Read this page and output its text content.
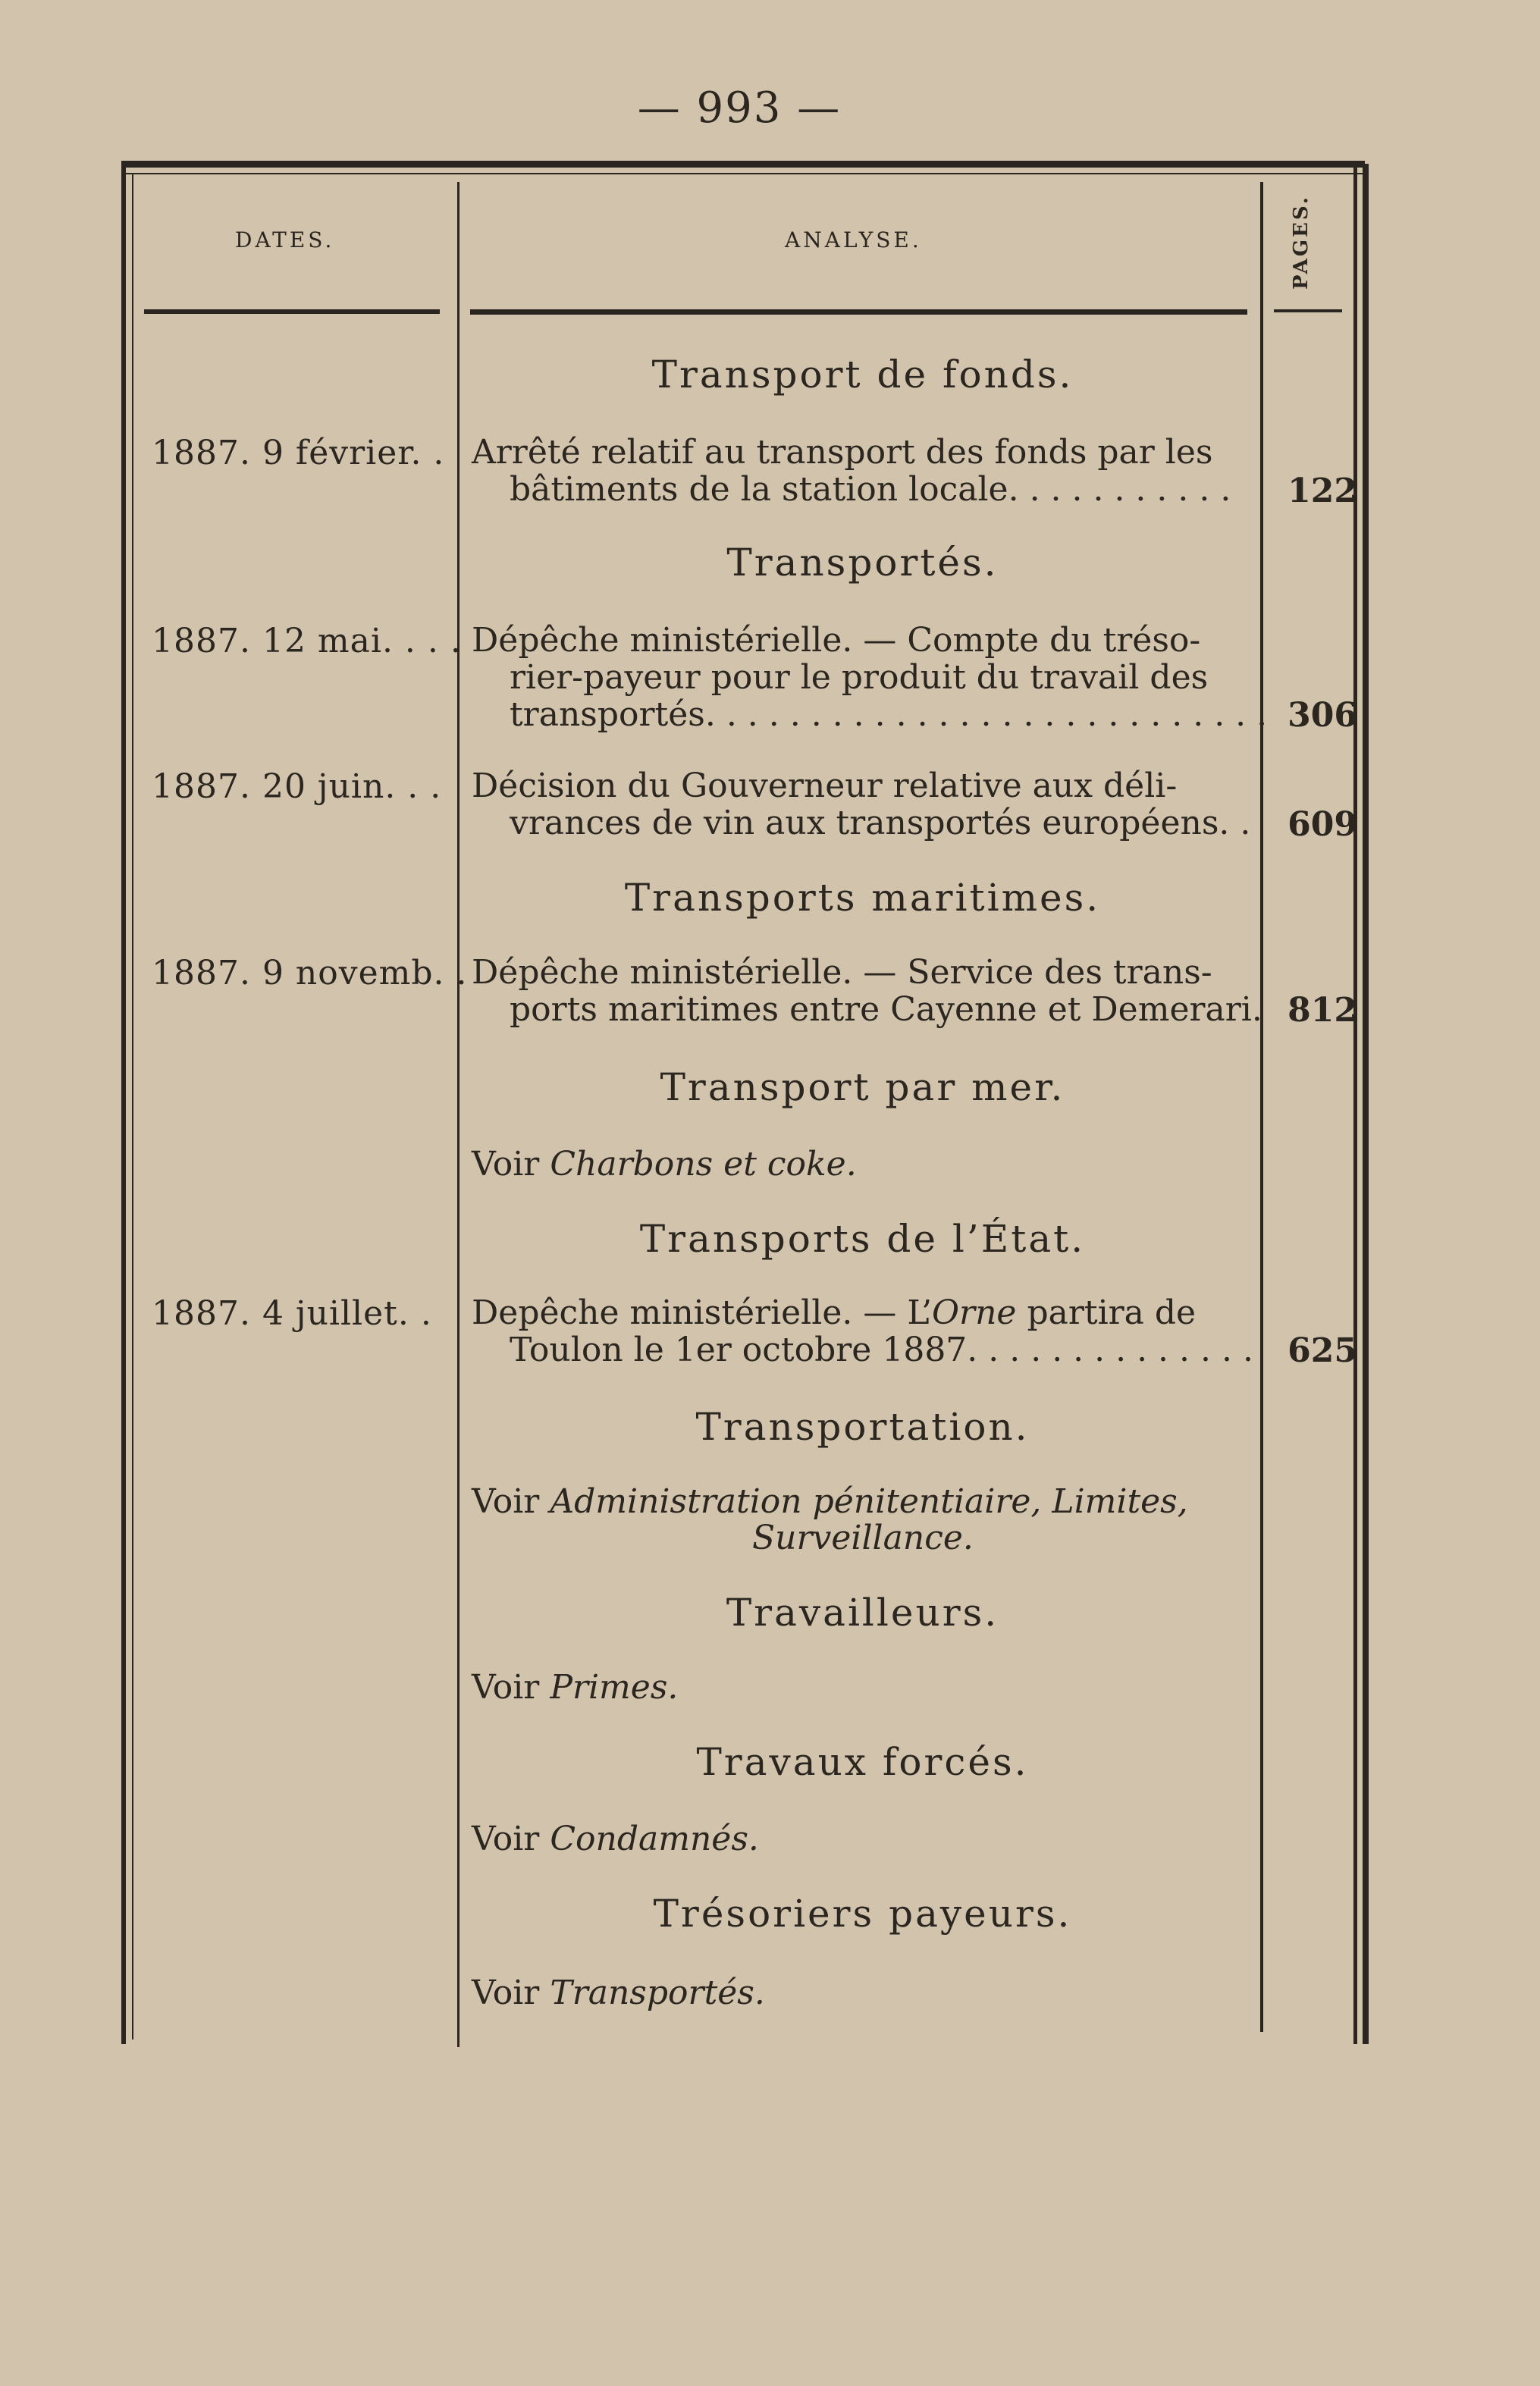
— 993 —
DATES.	ANALYSE.	PAGES.
Transport de fonds.
1887. 9 février. . Arrêté relatif au transport des fonds par les
bâtiments de la station locale. . . . . . . . . . .	122
Transportés.
1887. 12 mai. . . . Dépêche ministérielle. — Compte du tréso-
rier-payeur pour le produit du travail des
transportés. . . . . . . . . . . . . . . . . . . . . . . . . . . 306
1887. 20 juin. . . Décision du Gouverneur relative aux déli-
vrances de vin aux transportés européens. . 609
Transports maritimes.
1887. 9 novemb. . Dépêche ministérielle. — Service des trans-
ports maritimes entre Cayenne et Demerari. 812
Transport par mer.
Voir Charbons et coke.
Transports de l’État.
1887. 4 juillet. . Depêche ministérielle. — L’Orne partira de
Toulon le 1er octobre 1887. . . . . . . . . . . . . . 625
Transportation.
Voir Administration pénitentiaire, Limites,
Surveillance.
Travailleurs.
Voir Primes.
Travaux forcés.
Voir Condamnés.
Trésoriers payeurs.
Voir Transportés.
